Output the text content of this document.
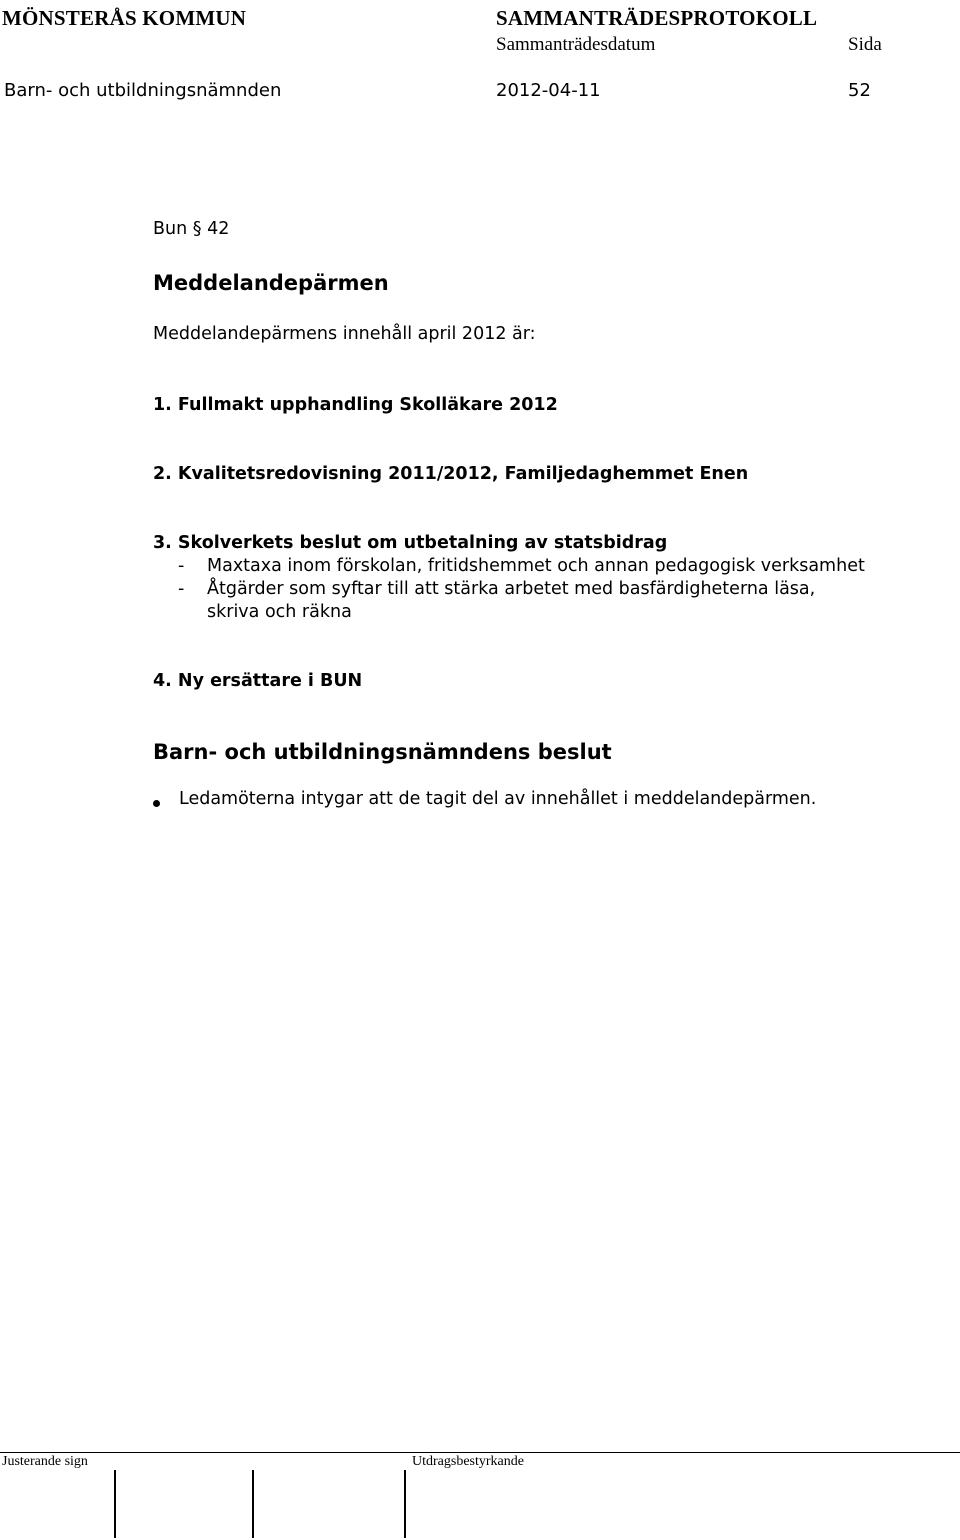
MÖNSTERÅS KOMMUN	SAMMANTRÄDESPROTOKOLL
Sammanträdesdatum	Sida
Barn- och utbildningsnämnden	2012-04-11	52
Bun § 42
Meddelandepärmen
Meddelandepärmens innehåll april 2012 är:
1. Fullmakt upphandling Skolläkare 2012
2. Kvalitetsredovisning 2011/2012, Familjedaghemmet Enen
3. Skolverkets beslut om utbetalning av statsbidrag
- Maxtaxa inom förskolan, fritidshemmet och annan pedagogisk verksamhet
- Åtgärder som syftar till att stärka arbetet med basfärdigheterna läsa,
skriva och räkna
4. Ny ersättare i BUN
Barn- och utbildningsnämndens beslut
Ledamöterna intygar att de tagit del av innehållet i meddelandepärmen.
Justerande sign	Utdragsbestyrkande
